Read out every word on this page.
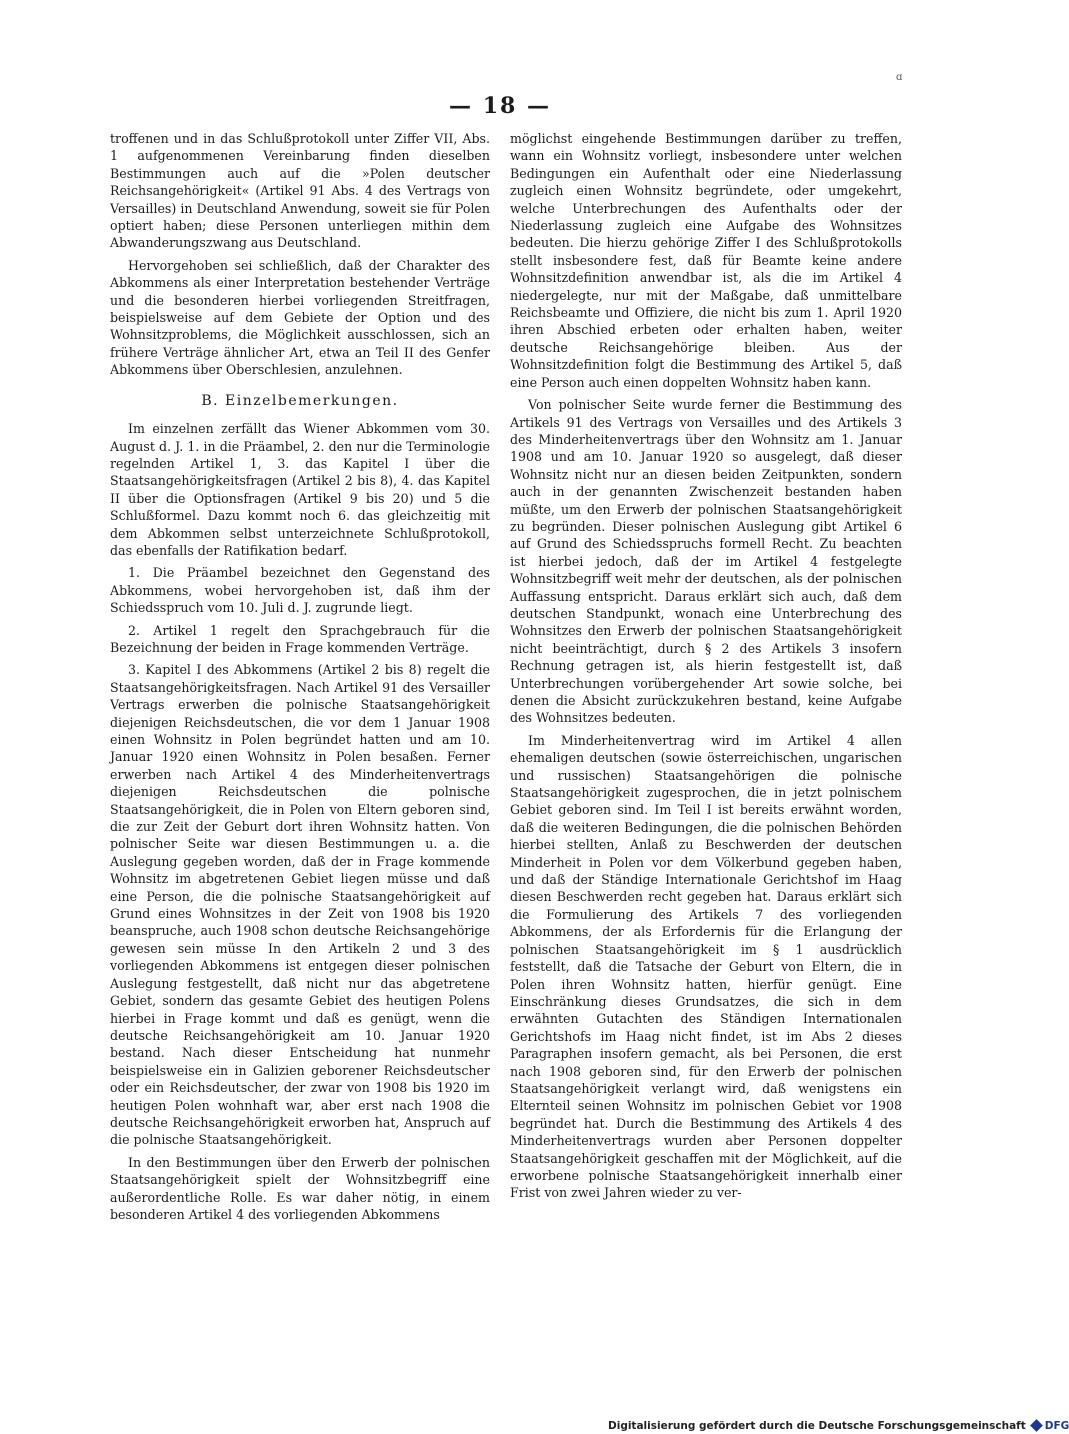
— 18 —
ɑ

troffenen und in das Schlußprotokoll unter Ziffer VII, Abs. 1 aufgenommenen Vereinbarung finden dieselben Bestimmungen auch auf die »Polen deutscher Reichsangehörigkeit« (Artikel 91 Abs. 4 des Vertrags von Versailles) in Deutschland Anwendung, soweit sie für Polen optiert haben; diese Personen unterliegen mithin dem Abwanderungszwang aus Deutschland.

Hervorgehoben sei schließlich, daß der Charakter des Abkommens als einer Interpretation bestehender Verträge und die besonderen hierbei vorliegenden Streitfragen, beispielsweise auf dem Gebiete der Option und des Wohnsitzproblems, die Möglichkeit ausschlossen, sich an frühere Verträge ähnlicher Art, etwa an Teil II des Genfer Abkommens über Oberschlesien, anzulehnen.

B. Einzelbemerkungen.

Im einzelnen zerfällt das Wiener Abkommen vom 30. August d. J. 1. in die Präambel, 2. den nur die Terminologie regelnden Artikel 1, 3. das Kapitel I über die Staatsangehörigkeitsfragen (Artikel 2 bis 8), 4. das Kapitel II über die Optionsfragen (Artikel 9 bis 20) und 5 die Schlußformel. Dazu kommt noch 6. das gleichzeitig mit dem Abkommen selbst unterzeichnete Schlußprotokoll, das ebenfalls der Ratifikation bedarf.

1. Die Präambel bezeichnet den Gegenstand des Abkommens, wobei hervorgehoben ist, daß ihm der Schiedsspruch vom 10. Juli d. J. zugrunde liegt.

2. Artikel 1 regelt den Sprachgebrauch für die Bezeichnung der beiden in Frage kommenden Verträge.

3. Kapitel I des Abkommens (Artikel 2 bis 8) regelt die Staatsangehörigkeitsfragen. Nach Artikel 91 des Versailler Vertrags erwerben die polnische Staatsangehörigkeit diejenigen Reichsdeutschen, die vor dem 1 Januar 1908 einen Wohnsitz in Polen begründet hatten und am 10. Januar 1920 einen Wohnsitz in Polen besaßen. Ferner erwerben nach Artikel 4 des Minderheitenvertrags diejenigen Reichsdeutschen die polnische Staatsangehörigkeit, die in Polen von Eltern geboren sind, die zur Zeit der Geburt dort ihren Wohnsitz hatten. Von polnischer Seite war diesen Bestimmungen u. a. die Auslegung gegeben worden, daß der in Frage kommende Wohnsitz im abgetretenen Gebiet liegen müsse und daß eine Person, die die polnische Staatsangehörigkeit auf Grund eines Wohnsitzes in der Zeit von 1908 bis 1920 beanspruche, auch 1908 schon deutsche Reichsangehörige gewesen sein müsse In den Artikeln 2 und 3 des vorliegenden Abkommens ist entgegen dieser polnischen Auslegung festgestellt, daß nicht nur das abgetretene Gebiet, sondern das gesamte Gebiet des heutigen Polens hierbei in Frage kommt und daß es genügt, wenn die deutsche Reichsangehörigkeit am 10. Januar 1920 bestand. Nach dieser Entscheidung hat nunmehr beispielsweise ein in Galizien geborener Reichsdeutscher oder ein Reichsdeutscher, der zwar von 1908 bis 1920 im heutigen Polen wohnhaft war, aber erst nach 1908 die deutsche Reichsangehörigkeit erworben hat, Anspruch auf die polnische Staatsangehörigkeit.

In den Bestimmungen über den Erwerb der polnischen Staatsangehörigkeit spielt der Wohnsitzbegriff eine außerordentliche Rolle. Es war daher nötig, in einem besonderen Artikel 4 des vorliegenden Abkommens

möglichst eingehende Bestimmungen darüber zu treffen, wann ein Wohnsitz vorliegt, insbesondere unter welchen Bedingungen ein Aufenthalt oder eine Niederlassung zugleich einen Wohnsitz begründete, oder umgekehrt, welche Unterbrechungen des Aufenthalts oder der Niederlassung zugleich eine Aufgabe des Wohnsitzes bedeuten. Die hierzu gehörige Ziffer I des Schlußprotokolls stellt insbesondere fest, daß für Beamte keine andere Wohnsitzdefinition anwendbar ist, als die im Artikel 4 niedergelegte, nur mit der Maßgabe, daß unmittelbare Reichsbeamte und Offiziere, die nicht bis zum 1. April 1920 ihren Abschied erbeten oder erhalten haben, weiter deutsche Reichsangehörige bleiben. Aus der Wohnsitzdefinition folgt die Bestimmung des Artikel 5, daß eine Person auch einen doppelten Wohnsitz haben kann.

Von polnischer Seite wurde ferner die Bestimmung des Artikels 91 des Vertrags von Versailles und des Artikels 3 des Minderheitenvertrags über den Wohnsitz am 1. Januar 1908 und am 10. Januar 1920 so ausgelegt, daß dieser Wohnsitz nicht nur an diesen beiden Zeitpunkten, sondern auch in der genannten Zwischenzeit bestanden haben müßte, um den Erwerb der polnischen Staatsangehörigkeit zu begründen. Dieser polnischen Auslegung gibt Artikel 6 auf Grund des Schiedsspruchs formell Recht. Zu beachten ist hierbei jedoch, daß der im Artikel 4 festgelegte Wohnsitzbegriff weit mehr der deutschen, als der polnischen Auffassung entspricht. Daraus erklärt sich auch, daß dem deutschen Standpunkt, wonach eine Unterbrechung des Wohnsitzes den Erwerb der polnischen Staatsangehörigkeit nicht beeinträchtigt, durch § 2 des Artikels 3 insofern Rechnung getragen ist, als hierin festgestellt ist, daß Unterbrechungen vorübergehender Art sowie solche, bei denen die Absicht zurückzukehren bestand, keine Aufgabe des Wohnsitzes bedeuten.

Im Minderheitenvertrag wird im Artikel 4 allen ehemaligen deutschen (sowie österreichischen, ungarischen und russischen) Staatsangehörigen die polnische Staatsangehörigkeit zugesprochen, die in jetzt polnischem Gebiet geboren sind. Im Teil I ist bereits erwähnt worden, daß die weiteren Bedingungen, die die polnischen Behörden hierbei stellten, Anlaß zu Beschwerden der deutschen Minderheit in Polen vor dem Völkerbund gegeben haben, und daß der Ständige Internationale Gerichtshof im Haag diesen Beschwerden recht gegeben hat. Daraus erklärt sich die Formulierung des Artikels 7 des vorliegenden Abkommens, der als Erfordernis für die Erlangung der polnischen Staatsangehörigkeit im § 1 ausdrücklich feststellt, daß die Tatsache der Geburt von Eltern, die in Polen ihren Wohnsitz hatten, hierfür genügt. Eine Einschränkung dieses Grundsatzes, die sich in dem erwähnten Gutachten des Ständigen Internationalen Gerichtshofs im Haag nicht findet, ist im Abs 2 dieses Paragraphen insofern gemacht, als bei Personen, die erst nach 1908 geboren sind, für den Erwerb der polnischen Staatsangehörigkeit verlangt wird, daß wenigstens ein Elternteil seinen Wohnsitz im polnischen Gebiet vor 1908 begründet hat. Durch die Bestimmung des Artikels 4 des Minderheitenvertrags wurden aber Personen doppelter Staatsangehörigkeit geschaffen mit der Möglichkeit, auf die erworbene polnische Staatsangehörigkeit innerhalb einer Frist von zwei Jahren wieder zu ver-

Digitalisierung gefördert durch die Deutsche Forschungsgemeinschaft DFG
